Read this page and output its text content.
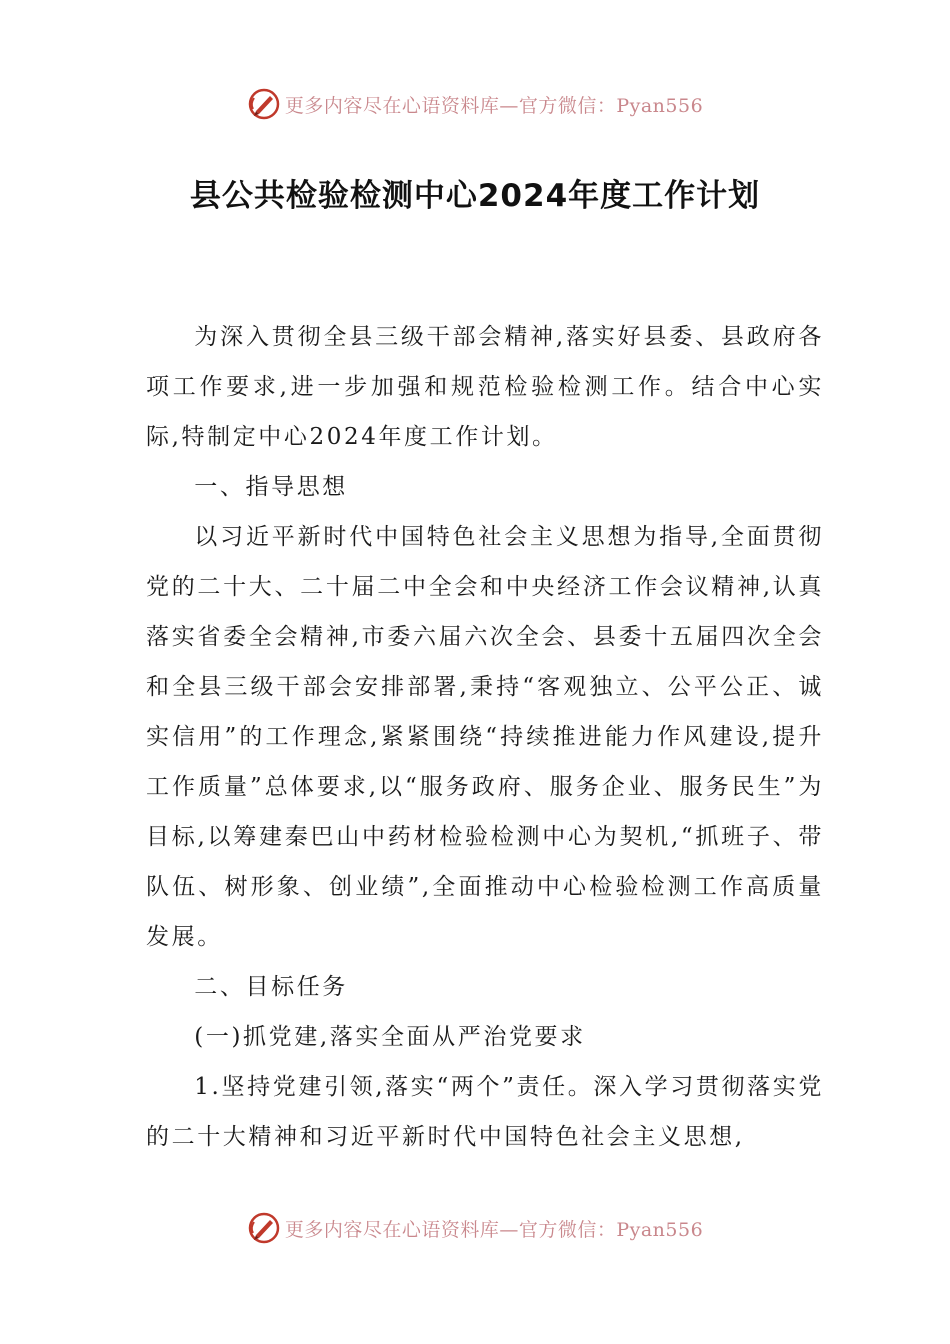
更多内容尽在心语资料库—官方微信：Pyan556
县公共检验检测中心2024年度工作计划

为深入贯彻全县三级干部会精神,落实好县委、县政府各项工作要求,进一步加强和规范检验检测工作。结合中心实际,特制定中心2024年度工作计划。

一、指导思想

以习近平新时代中国特色社会主义思想为指导,全面贯彻党的二十大、二十届二中全会和中央经济工作会议精神,认真落实省委全会精神,市委六届六次全会、县委十五届四次全会和全县三级干部会安排部署,秉持“客观独立、公平公正、诚实信用”的工作理念,紧紧围绕“持续推进能力作风建设,提升工作质量”总体要求,以“服务政府、服务企业、服务民生”为目标,以筹建秦巴山中药材检验检测中心为契机,“抓班子、带队伍、树形象、创业绩”,全面推动中心检验检测工作高质量发展。

二、目标任务

(一)抓党建,落实全面从严治党要求

1.坚持党建引领,落实“两个”责任。深入学习贯彻落实党的二十大精神和习近平新时代中国特色社会主义思想,

更多内容尽在心语资料库—官方微信：Pyan556
